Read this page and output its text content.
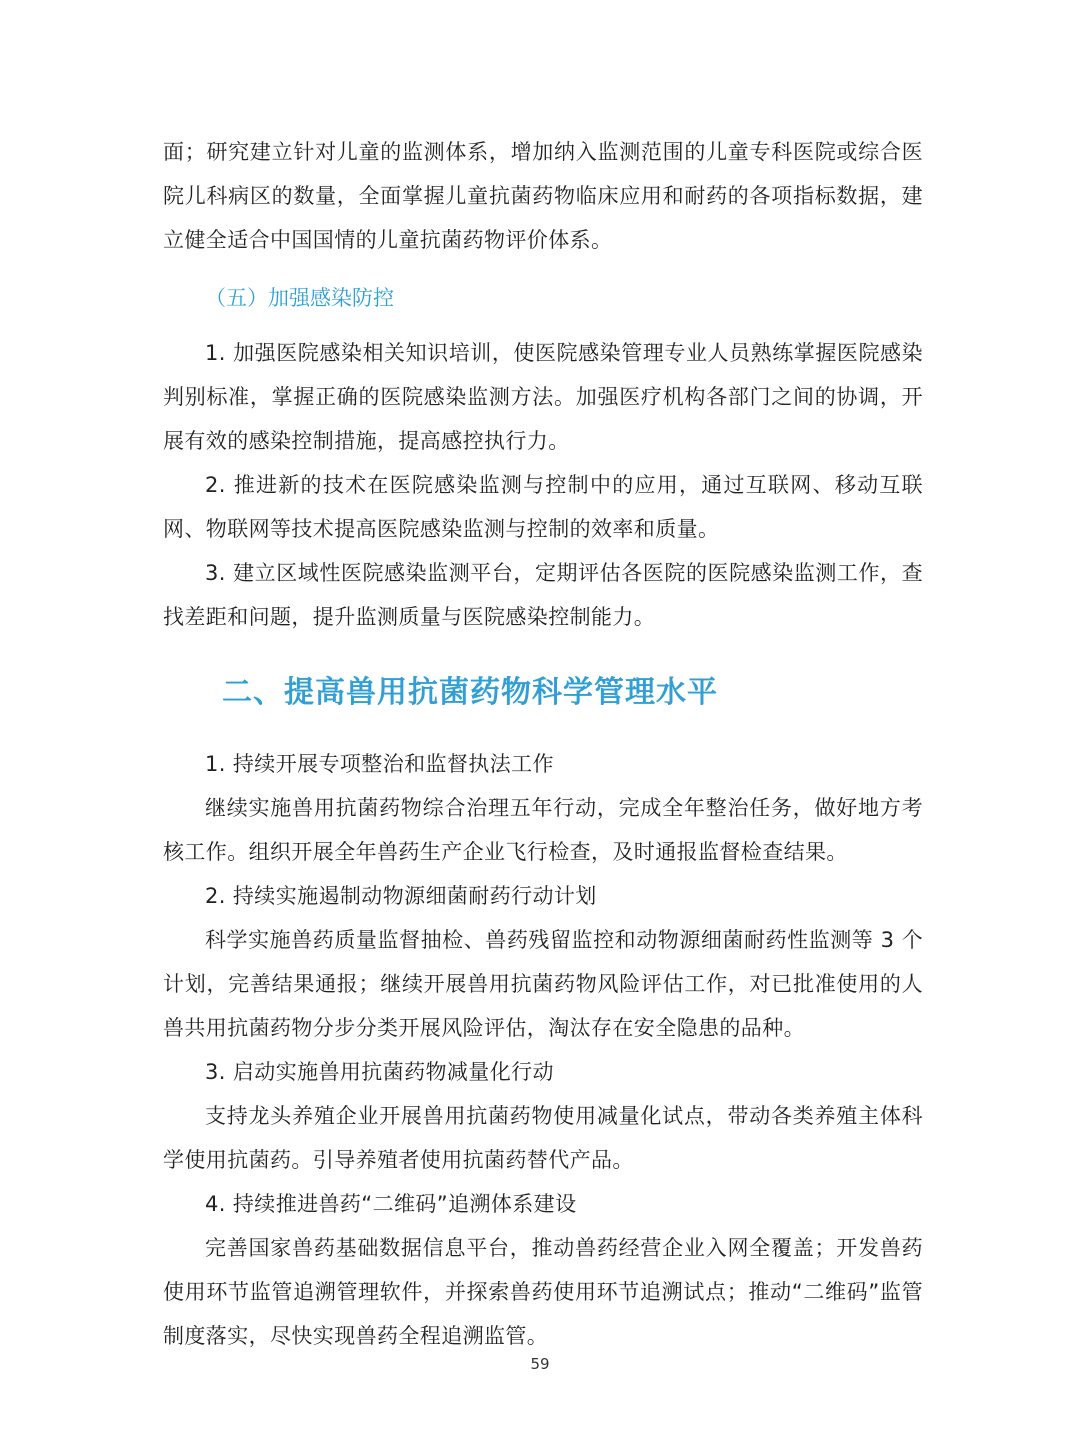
面；研究建立针对儿童的监测体系，增加纳入监测范围的儿童专科医院或综合医院儿科病区的数量，全面掌握儿童抗菌药物临床应用和耐药的各项指标数据，建立健全适合中国国情的儿童抗菌药物评价体系。

（五）加强感染防控

1. 加强医院感染相关知识培训，使医院感染管理专业人员熟练掌握医院感染判别标准，掌握正确的医院感染监测方法。加强医疗机构各部门之间的协调，开展有效的感染控制措施，提高感控执行力。

2. 推进新的技术在医院感染监测与控制中的应用，通过互联网、移动互联网、物联网等技术提高医院感染监测与控制的效率和质量。

3. 建立区域性医院感染监测平台，定期评估各医院的医院感染监测工作，查找差距和问题，提升监测质量与医院感染控制能力。

二、提高兽用抗菌药物科学管理水平

1. 持续开展专项整治和监督执法工作

继续实施兽用抗菌药物综合治理五年行动，完成全年整治任务，做好地方考核工作。组织开展全年兽药生产企业飞行检查，及时通报监督检查结果。

2. 持续实施遏制动物源细菌耐药行动计划

科学实施兽药质量监督抽检、兽药残留监控和动物源细菌耐药性监测等 3 个计划，完善结果通报；继续开展兽用抗菌药物风险评估工作，对已批准使用的人兽共用抗菌药物分步分类开展风险评估，淘汰存在安全隐患的品种。

3. 启动实施兽用抗菌药物减量化行动

支持龙头养殖企业开展兽用抗菌药物使用减量化试点，带动各类养殖主体科学使用抗菌药。引导养殖者使用抗菌药替代产品。

4. 持续推进兽药“二维码”追溯体系建设

完善国家兽药基础数据信息平台，推动兽药经营企业入网全覆盖；开发兽药使用环节监管追溯管理软件，并探索兽药使用环节追溯试点；推动“二维码”监管制度落实，尽快实现兽药全程追溯监管。

59
